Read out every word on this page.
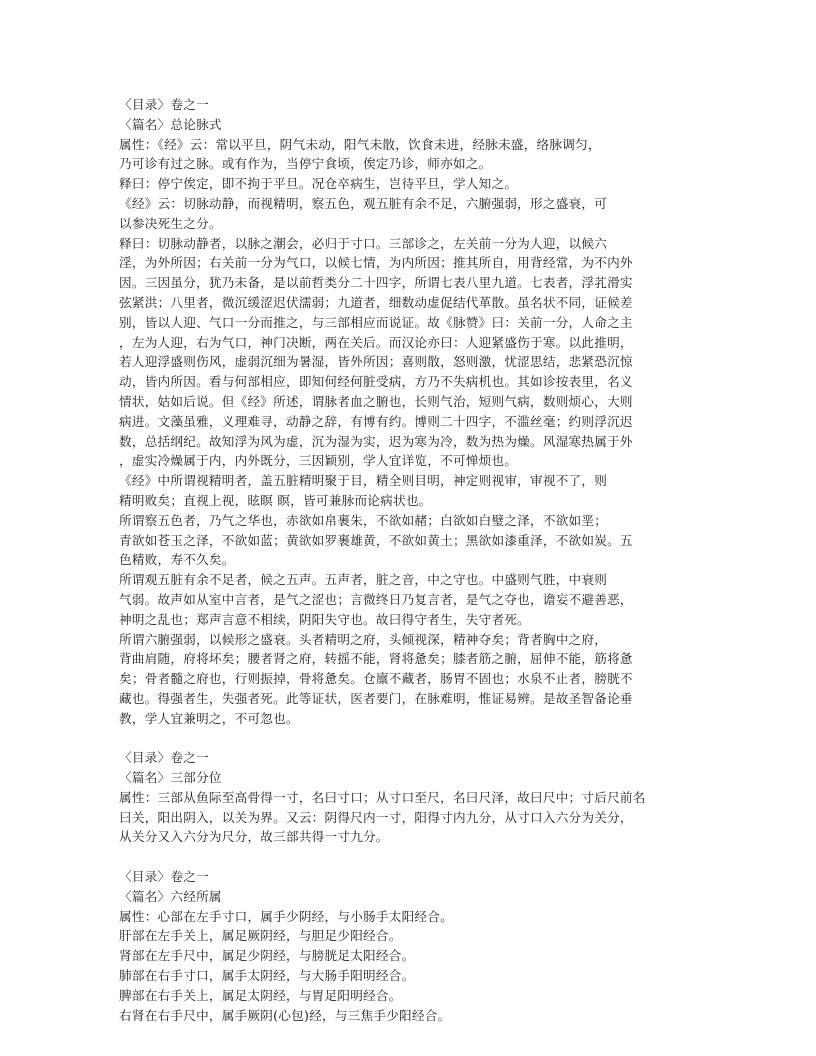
〈目录〉卷之一
〈篇名〉总论脉式
属性：《经》云：常以平旦，阴气未动，阳气未散，饮食未进，经脉未盛，络脉调匀，
乃可诊有过之脉。或有作为，当停宁食顷，俟定乃诊，师亦如之。
释曰：停宁俟定，即不拘于平旦。况仓卒病生，岂待平旦，学人知之。
《经》云：切脉动静，而视精明，察五色，观五脏有余不足，六腑强弱，形之盛衰，可
以参决死生之分。
释曰：切脉动静者，以脉之潮会，必归于寸口。三部诊之，左关前一分为人迎，以候六
淫，为外所因；右关前一分为气口，以候七情，为内所因；推其所自，用背经常，为不内外
因。三因虽分，犹乃未备，是以前哲类分二十四字，所谓七表八里九道。七表者，浮芤滑实
弦紧洪；八里者，微沉缓涩迟伏濡弱；九道者，细数动虚促结代革散。虽名状不同，证候差
别，皆以人迎、气口一分而推之，与三部相应而说证。故《脉赞》曰：关前一分，人命之主
，左为人迎，右为气口，神门决断，两在关后。而汉论亦曰：人迎紧盛伤于寒。以此推明，
若人迎浮盛则伤风，虚弱沉细为暑湿，皆外所因；喜则散，怒则激，忧涩思结，悲紧恐沉惊
动，皆内所因。看与何部相应，即知何经何脏受病，方乃不失病机也。其如诊按表里，名义
情状，姑如后说。但《经》所述，谓脉者血之腑也，长则气治，短则气病，数则烦心，大则
病进。文藻虽雅，义理难寻，动静之辞，有博有约。博则二十四字，不滥丝毫；约则浮沉迟
数，总括纲纪。故知浮为风为虚，沉为湿为实，迟为寒为冷，数为热为燥。风湿寒热属于外
，虚实冷燥属于内，内外既分，三因颖别，学人宜详览，不可惮烦也。
《经》中所谓视精明者，盖五脏精明聚于目，精全则目明，神定则视审，审视不了，则
精明败矣；直视上视，眩瞑 瞑，皆可兼脉而论病状也。
所谓察五色者，乃气之华也，赤欲如帛裹朱，不欲如赭；白欲如白璧之泽，不欲如垩；
青欲如苍玉之泽，不欲如蓝；黄欲如罗裹雄黄，不欲如黄土；黑欲如漆重泽，不欲如炭。五
色精败，寿不久矣。
所谓观五脏有余不足者，候之五声。五声者，脏之音，中之守也。中盛则气胜，中衰则
气弱。故声如从室中言者，是气之涩也；言微终日乃复言者，是气之夺也，谵妄不避善恶，
神明之乱也；郑声言意不相续，阴阳失守也。故曰得守者生，失守者死。
所谓六腑强弱，以候形之盛衰。头者精明之府，头倾视深，精神夺矣；背者胸中之府，
背曲肩随，府将坏矣；腰者肾之府，转摇不能，肾将惫矣；膝者筋之腑，屈伸不能，筋将惫
矣；骨者髓之府也，行则振掉，骨将惫矣。仓廪不藏者，肠胃不固也；水泉不止者，膀胱不
藏也。得强者生，失强者死。此等证状，医者要门，在脉难明，惟证易辨。是故圣智备论垂
教，学人宜兼明之，不可忽也。
〈目录〉卷之一
〈篇名〉三部分位
属性：三部从鱼际至高骨得一寸，名曰寸口；从寸口至尺，名曰尺泽，故曰尺中；寸后尺前名
曰关，阳出阴入，以关为界。又云：阴得尺内一寸，阳得寸内九分，从寸口入六分为关分，
从关分又入六分为尺分，故三部共得一寸九分。
〈目录〉卷之一
〈篇名〉六经所属
属性：心部在左手寸口，属手少阴经，与小肠手太阳经合。
肝部在左手关上，属足厥阴经，与胆足少阳经合。
肾部在左手尺中，属足少阴经，与膀胱足太阳经合。
肺部在右手寸口，属手太阴经，与大肠手阳明经合。
脾部在右手关上，属足太阴经，与胃足阳明经合。
右肾在右手尺中，属手厥阴(心包)经，与三焦手少阳经合。
